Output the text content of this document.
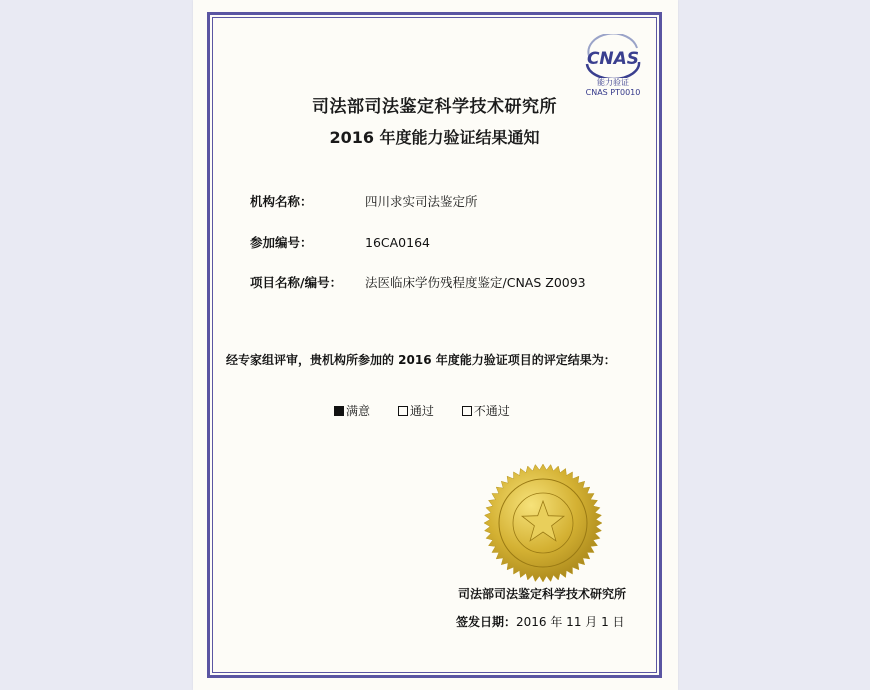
CNAS
能力验证
CNAS PT0010
司法部司法鉴定科学技术研究所
2016 年度能力验证结果通知
机构名称：	四川求实司法鉴定所
参加编号：	16CA0164
项目名称/编号： 法医临床学伤残程度鉴定/CNAS Z0093
经专家组评审，贵机构所参加的 2016 年度能力验证项目的评定结果为：
满意
	通过
	不通过
司法部司法鉴定科学技术研究所
签发日期：2016 年 11 月 1 日
